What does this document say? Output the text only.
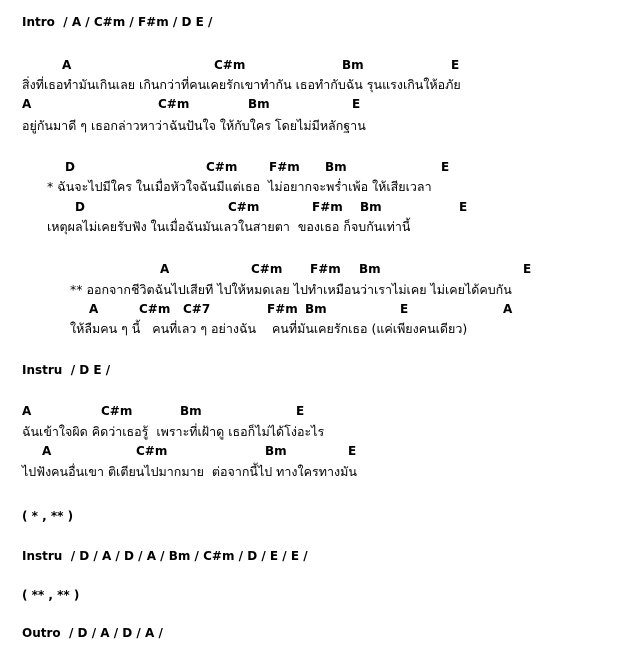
Intro  / A / C#m / F#m / D E /
A	C#m	Bm	E
สิ่งที่เธอทำมันเกินเลย เกินกว่าที่คนเคยรักเขาทำกัน เธอทำกับฉัน รุนแรงเกินให้อภัย
A	C#m	Bm	E
อยู่กันมาดี ๆ เธอกล่าวหาว่าฉันปันใจ ให้กับใคร โดยไม่มีหลักฐาน
D	C#m	F#m Bm	E
* ฉันจะไปมีใคร ในเมื่อหัวใจฉันมีแต่เธอ  ไม่อยากจะพร่ำเพ้อ ให้เสียเวลา
D	C#m	F#m Bm	E
เหตุผลไม่เคยรับฟัง ในเมื่อฉันมันเลวในสายตา  ของเธอ ก็จบกันเท่านี้
A	C#m F#m Bm	E
** ออกจากชีวิตฉันไปเสียที ไปให้หมดเลย ไปทำเหมือนว่าเราไม่เคย ไม่เคยได้คบกัน
A	C#m C#7	F#m Bm	E	A
ให้ลืมคน ๆ นี้   คนที่เลว ๆ อย่างฉัน    คนที่มันเคยรักเธอ (แค่เพียงคนเดียว)
Instru  / D E /
A	C#m	Bm	E
ฉันเข้าใจผิด คิดว่าเธอรู้  เพราะที่เฝ้าดู เธอก็ไม่ได้โง่อะไร
A	C#m	Bm	E
ไปฟังคนอื่นเขา ติเตียนไปมากมาย  ต่อจากนี้ไป ทางใครทางมัน
( * , ** )
Instru  / D / A / D / A / Bm / C#m / D / E / E /
( ** , ** )
Outro  / D / A / D / A /
